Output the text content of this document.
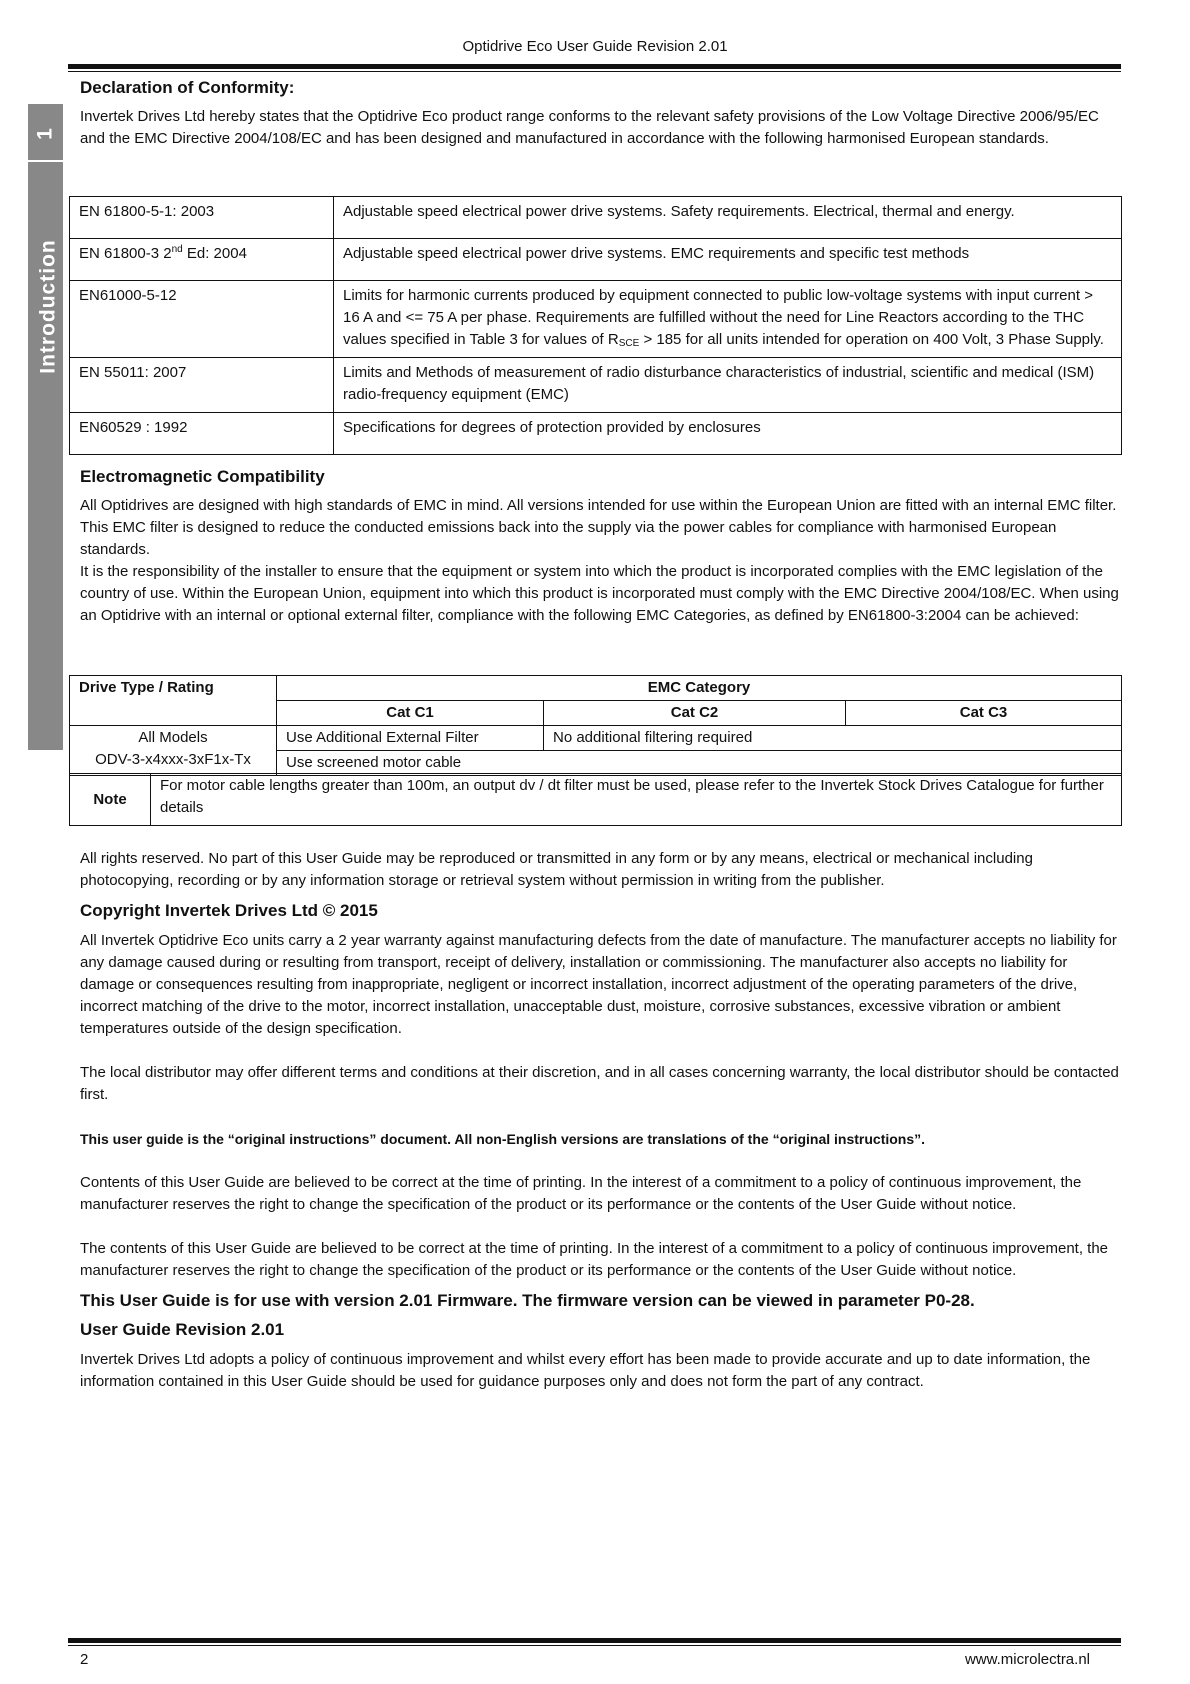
Optidrive Eco User Guide Revision 2.01
1
Introduction
Declaration of Conformity:

Invertek Drives Ltd hereby states that the Optidrive Eco product range conforms to the relevant safety provisions of the Low Voltage Directive 2006/95/EC and the EMC Directive 2004/108/EC and has been designed and manufactured in accordance with the following harmonised European standards.

EN 61800-5-1: 2003	Adjustable speed electrical power drive systems. Safety requirements. Electrical, thermal and energy.
EN 61800-3 2nd Ed: 2004	Adjustable speed electrical power drive systems. EMC requirements and specific test methods
EN61000-5-12	Limits for harmonic currents produced by equipment connected to public low-voltage systems with input current > 16 A and <= 75 A per phase. Requirements are fulfilled without the need for Line Reactors according to the THC values specified in Table 3 for values of $R_{SCE} > 185$ for all units intended for operation on 400 Volt, 3 Phase Supply.
EN 55011: 2007	Limits and Methods of measurement of radio disturbance characteristics of industrial, scientific and medical (ISM) radio-frequency equipment (EMC)
EN60529 : 1992	Specifications for degrees of protection provided by enclosures
Electromagnetic Compatibility

All Optidrives are designed with high standards of EMC in mind. All versions intended for use within the European Union are fitted with an internal EMC filter. This EMC filter is designed to reduce the conducted emissions back into the supply via the power cables for compliance with harmonised European standards.

It is the responsibility of the installer to ensure that the equipment or system into which the product is incorporated complies with the EMC legislation of the country of use. Within the European Union, equipment into which this product is incorporated must comply with the EMC Directive 2004/108/EC. When using an Optidrive with an internal or optional external filter, compliance with the following EMC Categories, as defined by EN61800-3:2004 can be achieved:

Drive Type / Rating	EMC Category		
	Cat C1	Cat C2	Cat C3

All Models
ODV-3-x4xxx-3xF1x-Tx	Use Additional External Filter	No additional filtering required	
	Use screened motor cable		
Note	For motor cable lengths greater than 100m, an output dv / dt filter must be used, please refer to the Invertek Stock Drives Catalogue for further details

All rights reserved. No part of this User Guide may be reproduced or transmitted in any form or by any means, electrical or mechanical including photocopying, recording or by any information storage or retrieval system without permission in writing from the publisher.

Copyright Invertek Drives Ltd © 2015

All Invertek Optidrive Eco units carry a 2 year warranty against manufacturing defects from the date of manufacture. The manufacturer accepts no liability for any damage caused during or resulting from transport, receipt of delivery, installation or commissioning. The manufacturer also accepts no liability for damage or consequences resulting from inappropriate, negligent or incorrect installation, incorrect adjustment of the operating parameters of the drive, incorrect matching of the drive to the motor, incorrect installation, unacceptable dust, moisture, corrosive substances, excessive vibration or ambient temperatures outside of the design specification.

The local distributor may offer different terms and conditions at their discretion, and in all cases concerning warranty, the local distributor should be contacted first.

This user guide is the “original instructions” document. All non-English versions are translations of the “original instructions”.

Contents of this User Guide are believed to be correct at the time of printing. In the interest of a commitment to a policy of continuous improvement, the manufacturer reserves the right to change the specification of the product or its performance or the contents of the User Guide without notice.

The contents of this User Guide are believed to be correct at the time of printing. In the interest of a commitment to a policy of continuous improvement, the manufacturer reserves the right to change the specification of the product or its performance or the contents of the User Guide without notice.

This User Guide is for use with version 2.01 Firmware. The firmware version can be viewed in parameter P0-28.
User Guide Revision 2.01

Invertek Drives Ltd adopts a policy of continuous improvement and whilst every effort has been made to provide accurate and up to date information, the information contained in this User Guide should be used for guidance purposes only and does not form the part of any contract.

2	www.microlectra.nl
